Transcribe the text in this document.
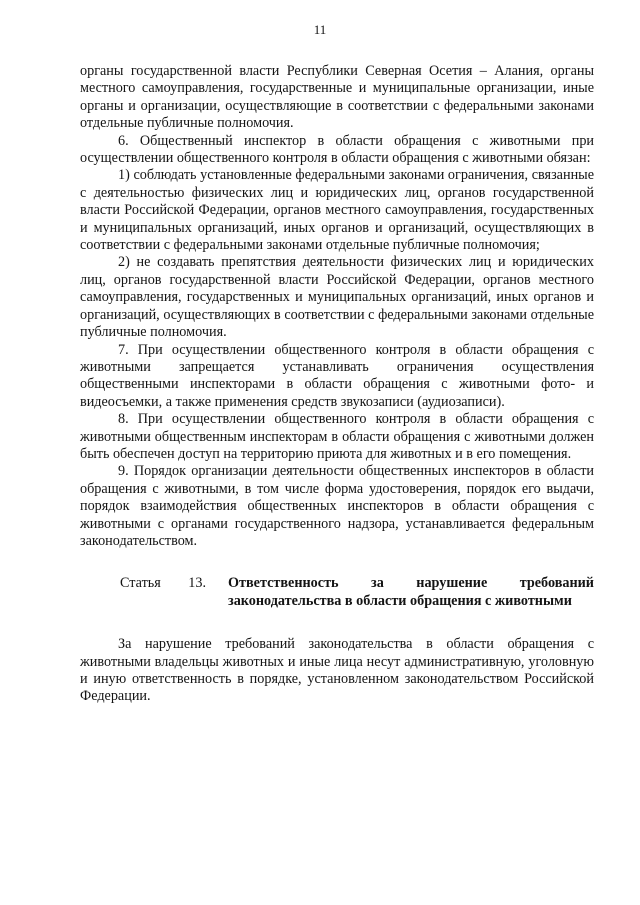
11

органы государственной власти Республики Северная Осетия – Алания, органы местного самоуправления, государственные и муниципальные организации, иные органы и организации, осуществляющие в соответствии с федеральными законами отдельные публичные полномочия.

6. Общественный инспектор в области обращения с животными при осуществлении общественного контроля в области обращения с животными обязан:

1) соблюдать установленные федеральными законами ограничения, связанные с деятельностью физических лиц и юридических лиц, органов государственной власти Российской Федерации, органов местного самоуправления, государственных и муниципальных организаций, иных органов и организаций, осуществляющих в соответствии с федеральными законами отдельные публичные полномочия;

2) не создавать препятствия деятельности физических лиц и юридических лиц, органов государственной власти Российской Федерации, органов местного самоуправления, государственных и муниципальных организаций, иных органов и организаций, осуществляющих в соответствии с федеральными законами отдельные публичные полномочия.

7. При осуществлении общественного контроля в области обращения с животными запрещается устанавливать ограничения осуществления общественными инспекторами в области обращения с животными фото- и видеосъемки, а также применения средств звукозаписи (аудиозаписи).

8. При осуществлении общественного контроля в области обращения с животными общественным инспекторам в области обращения с животными должен быть обеспечен доступ на территорию приюта для животных и в его помещения.

9. Порядок организации деятельности общественных инспекторов в области обращения с животными, в том числе форма удостоверения, порядок его выдачи, порядок взаимодействия общественных инспекторов в области обращения с животными с органами государственного надзора, устанавливается федеральным законодательством.

Статья 13. Ответственность за нарушение требований законодательства в области обращения с животными

За нарушение требований законодательства в области обращения с животными владельцы животных и иные лица несут административную, уголовную и иную ответственность в порядке, установленном законодательством Российской Федерации.
